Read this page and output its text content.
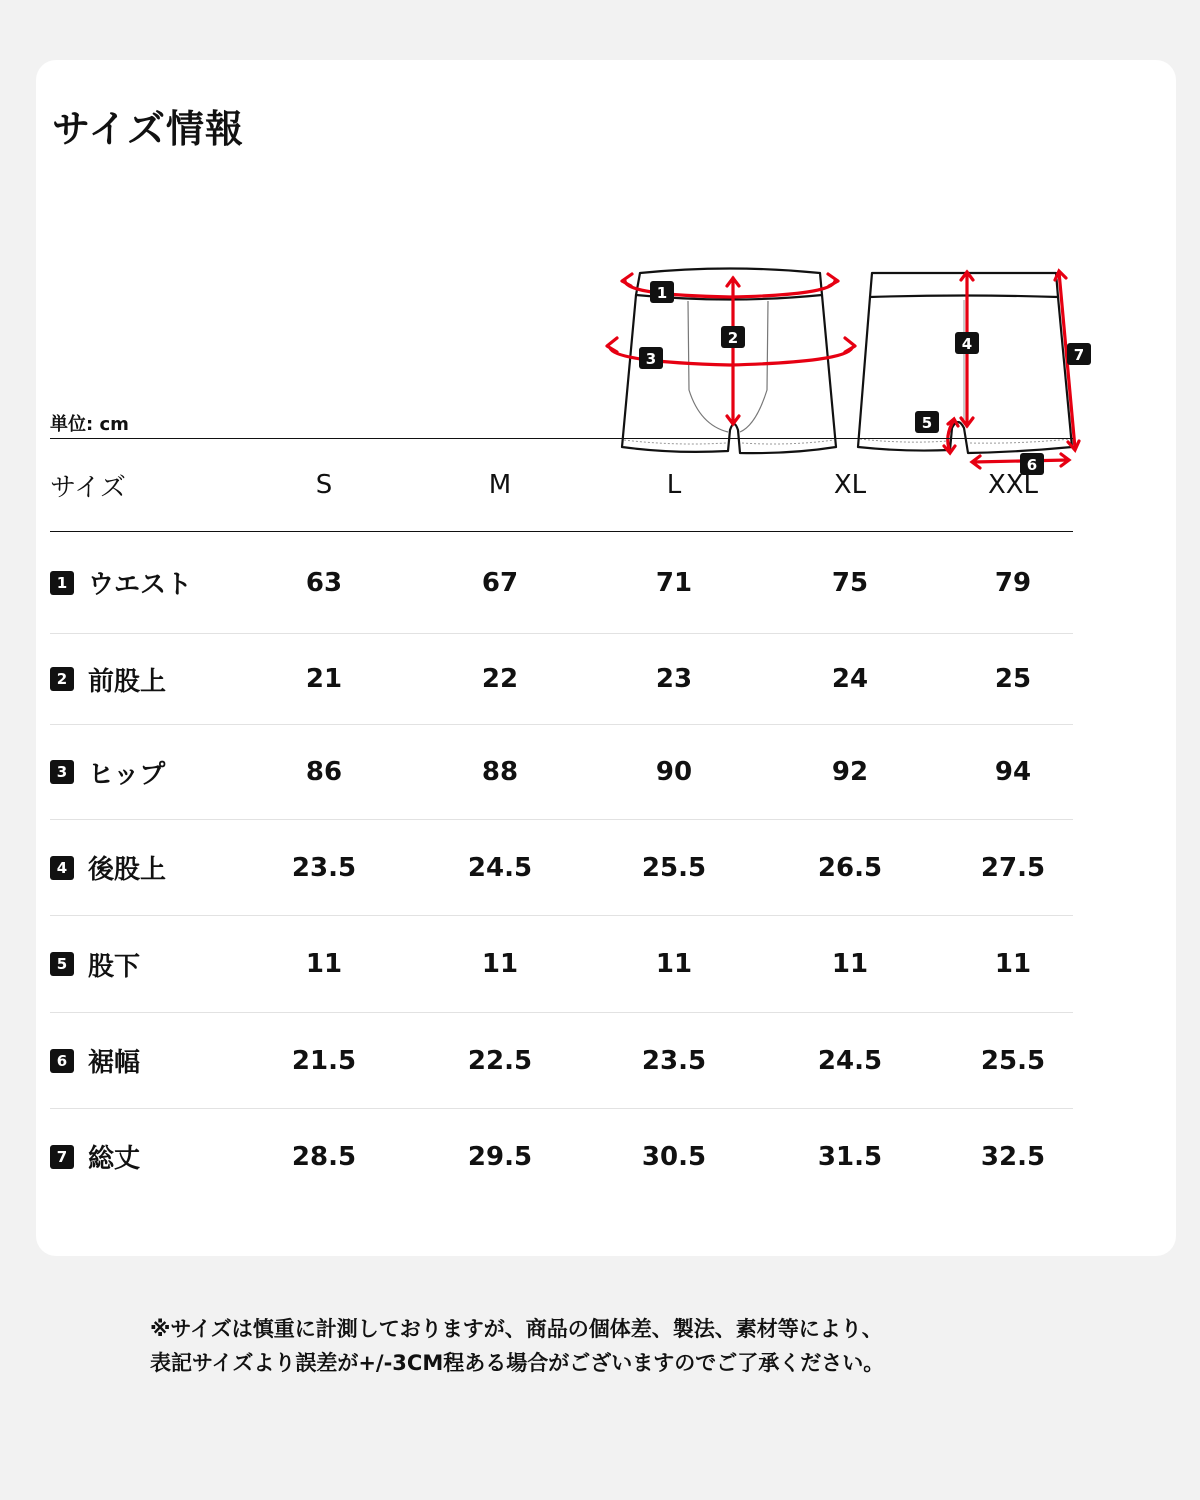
サイズ情報
1
2
3
4
5
6
7
単位: cm
サイズ	S	M	L	XL	XXL
1 ウエスト	63	67	71	75	79
2 前股上	21	22	23	24	25
3 ヒップ	86	88	90	92	94
4 後股上	23.5	24.5	25.5	26.5	27.5
5 股下	11	11	11	11	11
6 裾幅	21.5	22.5	23.5	24.5	25.5
7 総丈	28.5	29.5	30.5	31.5	32.5
※サイズは慎重に計測しておりますが、商品の個体差、製法、素材等により、
表記サイズより誤差が+/-3CM程ある場合がございますのでご了承ください。
